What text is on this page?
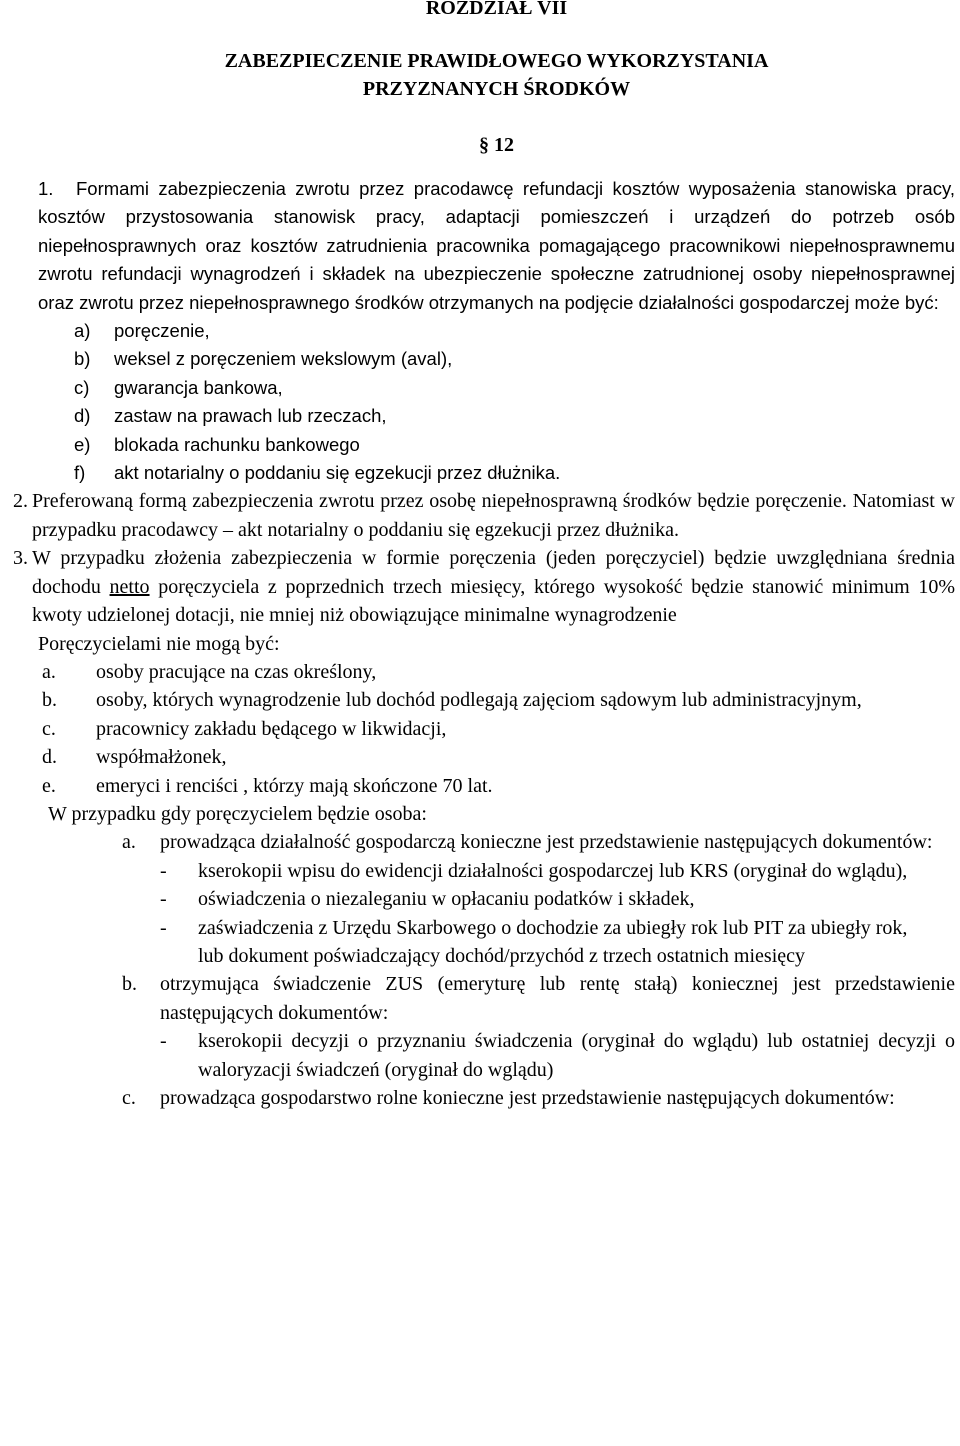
ROZDZIAŁ VII
ZABEZPIECZENIE PRAWIDŁOWEGO WYKORZYSTANIA
PRZYZNANYCH ŚRODKÓW
§ 12
1. Formami zabezpieczenia zwrotu przez pracodawcę refundacji kosztów wyposażenia stanowiska pracy, kosztów przystosowania stanowisk pracy, adaptacji pomieszczeń i urządzeń do potrzeb osób niepełnosprawnych oraz kosztów zatrudnienia pracownika pomagającego pracownikowi niepełnosprawnemu zwrotu refundacji wynagrodzeń i składek na ubezpieczenie społeczne zatrudnionej osoby niepełnosprawnej oraz zwrotu przez niepełnosprawnego środków otrzymanych na podjęcie działalności gospodarczej może być:
a)	poręczenie,
b)	weksel z poręczeniem wekslowym (aval),
c)	gwarancja bankowa,
d)	zastaw na prawach lub rzeczach,
e)	blokada rachunku bankowego
f)	akt notarialny o poddaniu się egzekucji przez dłużnika.
2. Preferowaną formą zabezpieczenia zwrotu przez osobę niepełnosprawną środków będzie poręczenie. Natomiast w przypadku pracodawcy – akt notarialny o poddaniu się egzekucji przez dłużnika.
3. W przypadku złożenia zabezpieczenia w formie poręczenia (jeden poręczyciel) będzie uwzględniana średnia dochodu netto poręczyciela z poprzednich trzech miesięcy, którego wysokość będzie stanowić minimum 10% kwoty udzielonej dotacji, nie mniej niż obowiązujące minimalne wynagrodzenie
Poręczycielami nie mogą być:
a.	osoby pracujące na czas określony,
b.	osoby, których wynagrodzenie lub dochód podlegają zajęciom sądowym lub administracyjnym,
c.	pracownicy zakładu będącego w likwidacji,
d.	współmałżonek,
e.	emeryci i renciści , którzy mają skończone 70 lat.
W przypadku gdy poręczycielem będzie osoba:
a.	prowadząca działalność gospodarczą konieczne jest przedstawienie następujących dokumentów:
-	kserokopii wpisu do ewidencji działalności gospodarczej lub KRS (oryginał do wglądu),
-	oświadczenia o niezaleganiu w opłacaniu podatków i składek,
-	zaświadczenia z Urzędu Skarbowego o dochodzie za ubiegły rok lub PIT za ubiegły rok,
lub dokument poświadczający dochód/przychód z trzech ostatnich miesięcy
b.	otrzymująca świadczenie ZUS (emeryturę lub rentę stałą) koniecznej jest przedstawienie następujących dokumentów:
-	kserokopii decyzji o przyznaniu świadczenia (oryginał do wglądu) lub ostatniej decyzji o waloryzacji świadczeń (oryginał do wglądu)
c.	prowadząca gospodarstwo rolne konieczne jest przedstawienie następujących dokumentów:
